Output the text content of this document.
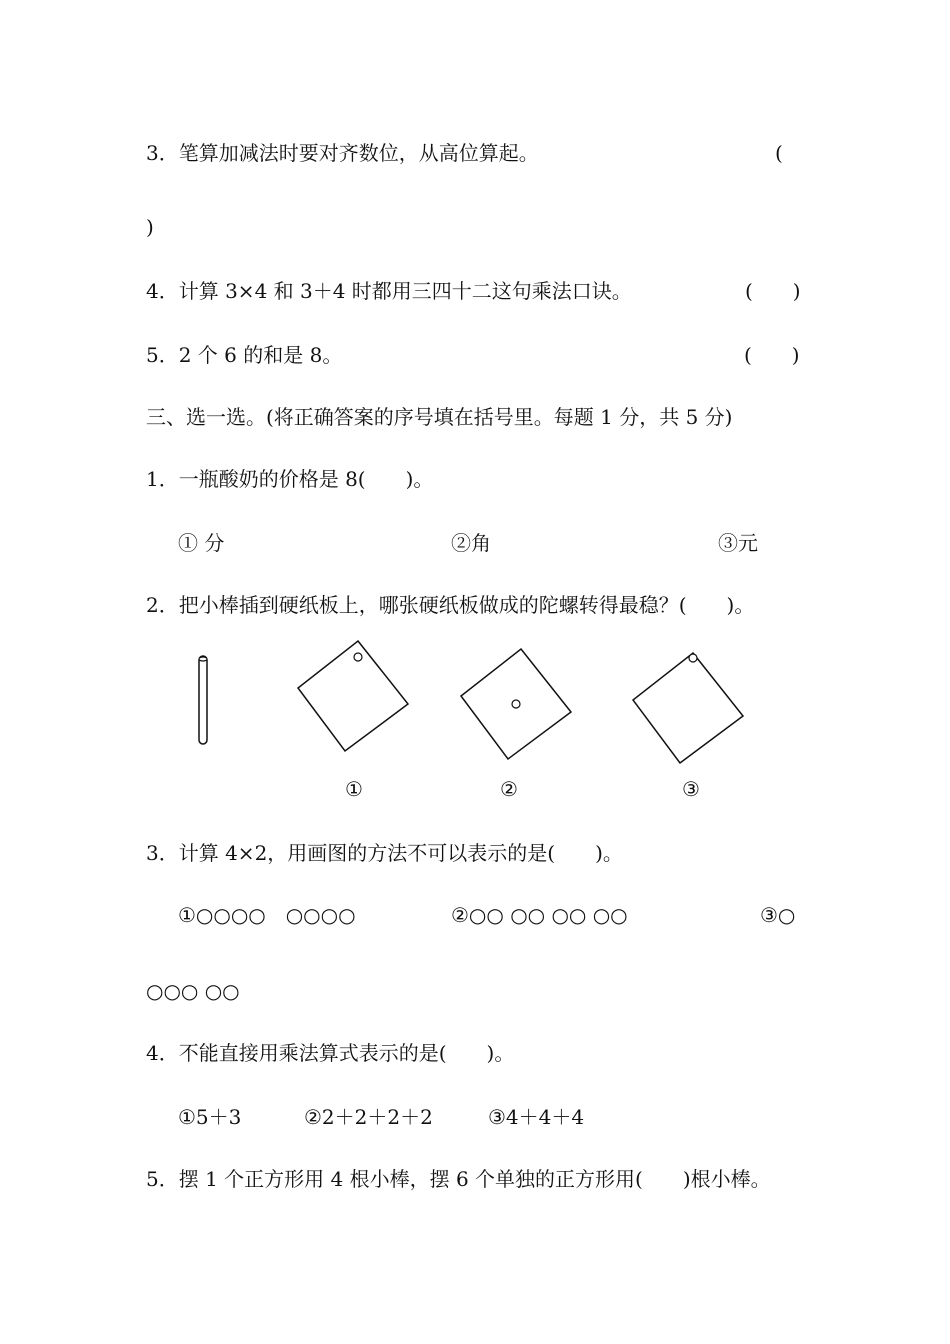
3．笔算加减法时要对齐数位，从高位算起。	(
)
4．计算 3×4 和 3＋4 时都用三四十二这句乘法口诀。	(　　)
5．2 个 6 的和是 8。	(　　)
三、选一选。(将正确答案的序号填在括号里。每题 1 分，共 5 分)
1．一瓶酸奶的价格是 8(　　)。
① 分	②角	③元
2．把小棒插到硬纸板上，哪张硬纸板做成的陀螺转得最稳？(　　)。
①	②	③
3．计算 4×2，用画图的方法不可以表示的是(　　)。
①○○○○　○○○○	②○○ ○○ ○○ ○○	③○
○○○ ○○
4．不能直接用乘法算式表示的是(　　)。
①5＋3	②2＋2＋2＋2	③4＋4＋4
5．摆 1 个正方形用 4 根小棒，摆 6 个单独的正方形用(　　)根小棒。
